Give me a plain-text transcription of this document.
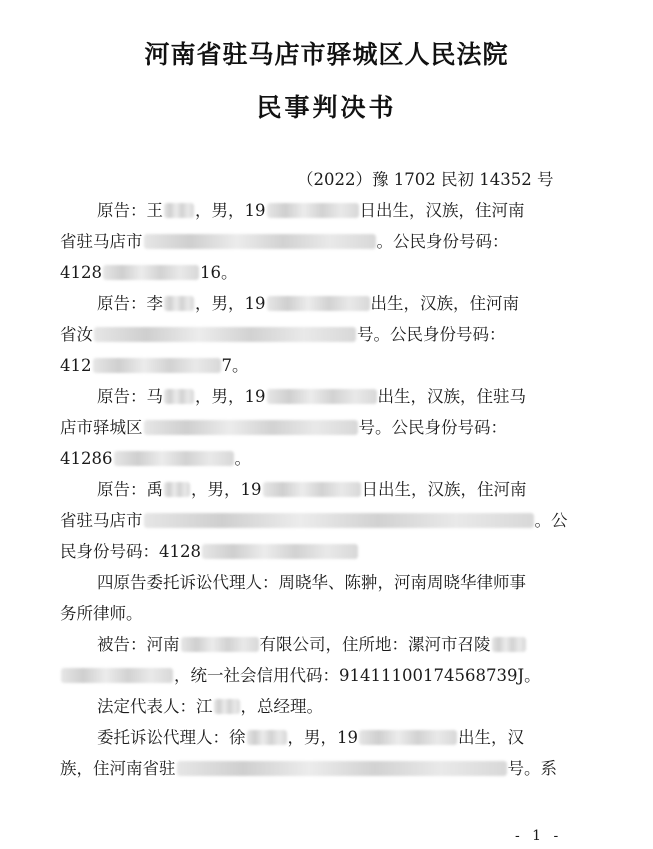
河南省驻马店市驿城区人民法院
民事判决书
（2022）豫 1702 民初 14352 号
原告：王 ，男，19	日出生，汉族，住河南
省驻马店市	。公民身份号码：
4128	16。
原告：李 ，男，19	出生，汉族，住河南
省汝	号。公民身份号码：
412	7。
原告：马 ，男，19	出生，汉族，住驻马
店市驿城区	号。公民身份号码：
41286	。
原告：禹 ，男，19	日出生，汉族，住河南
省驻马店市	。公
民身份号码：4128
四原告委托诉讼代理人：周晓华、陈翀，河南周晓华律师事
务所律师。
被告：河南	有限公司，住所地：漯河市召陵
，统一社会信用代码：91411100174568739J。
法定代表人：江 ，总经理。
委托诉讼代理人：徐	，男，19	出生，汉
族，住河南省驻	号。系
- 1 -
